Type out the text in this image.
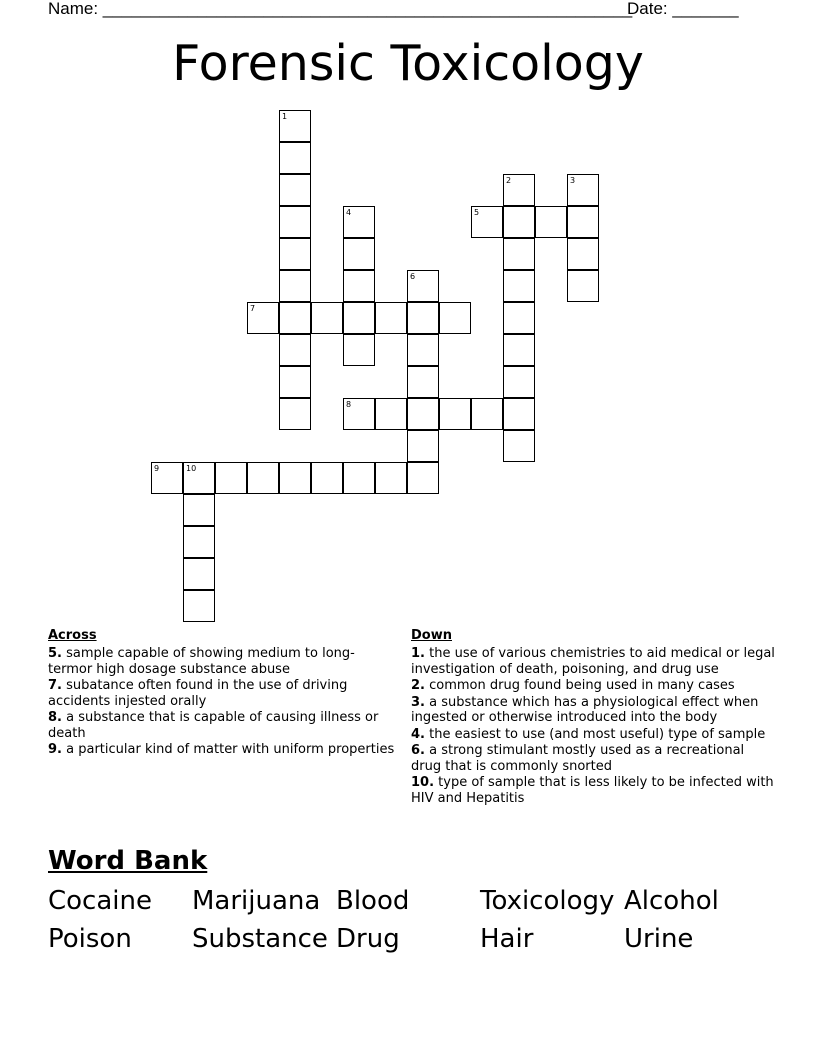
Name: ________________________________________________________
Date: _______
Forensic Toxicology
1
2	3
4	5
6
7
8
9	10
Across
5. sample capable of showing medium to long-termor high dosage substance abuse
7. subatance often found in the use of driving accidents injested orally
8. a substance that is capable of causing illness or death
9. a particular kind of matter with uniform properties
Down
1. the use of various chemistries to aid medical or legal investigation of death, poisoning, and drug use
2. common drug found being used in many cases
3. a substance which has a physiological effect when ingested or otherwise introduced into the body
4. the easiest to use (and most useful) type of sample
6. a strong stimulant mostly used as a recreational drug that is commonly snorted
10. type of sample that is less likely to be infected with HIV and Hepatitis
Word Bank
Cocaine	Marijuana Blood	Toxicology Alcohol
Poison	Substance Drug	Hair	Urine
